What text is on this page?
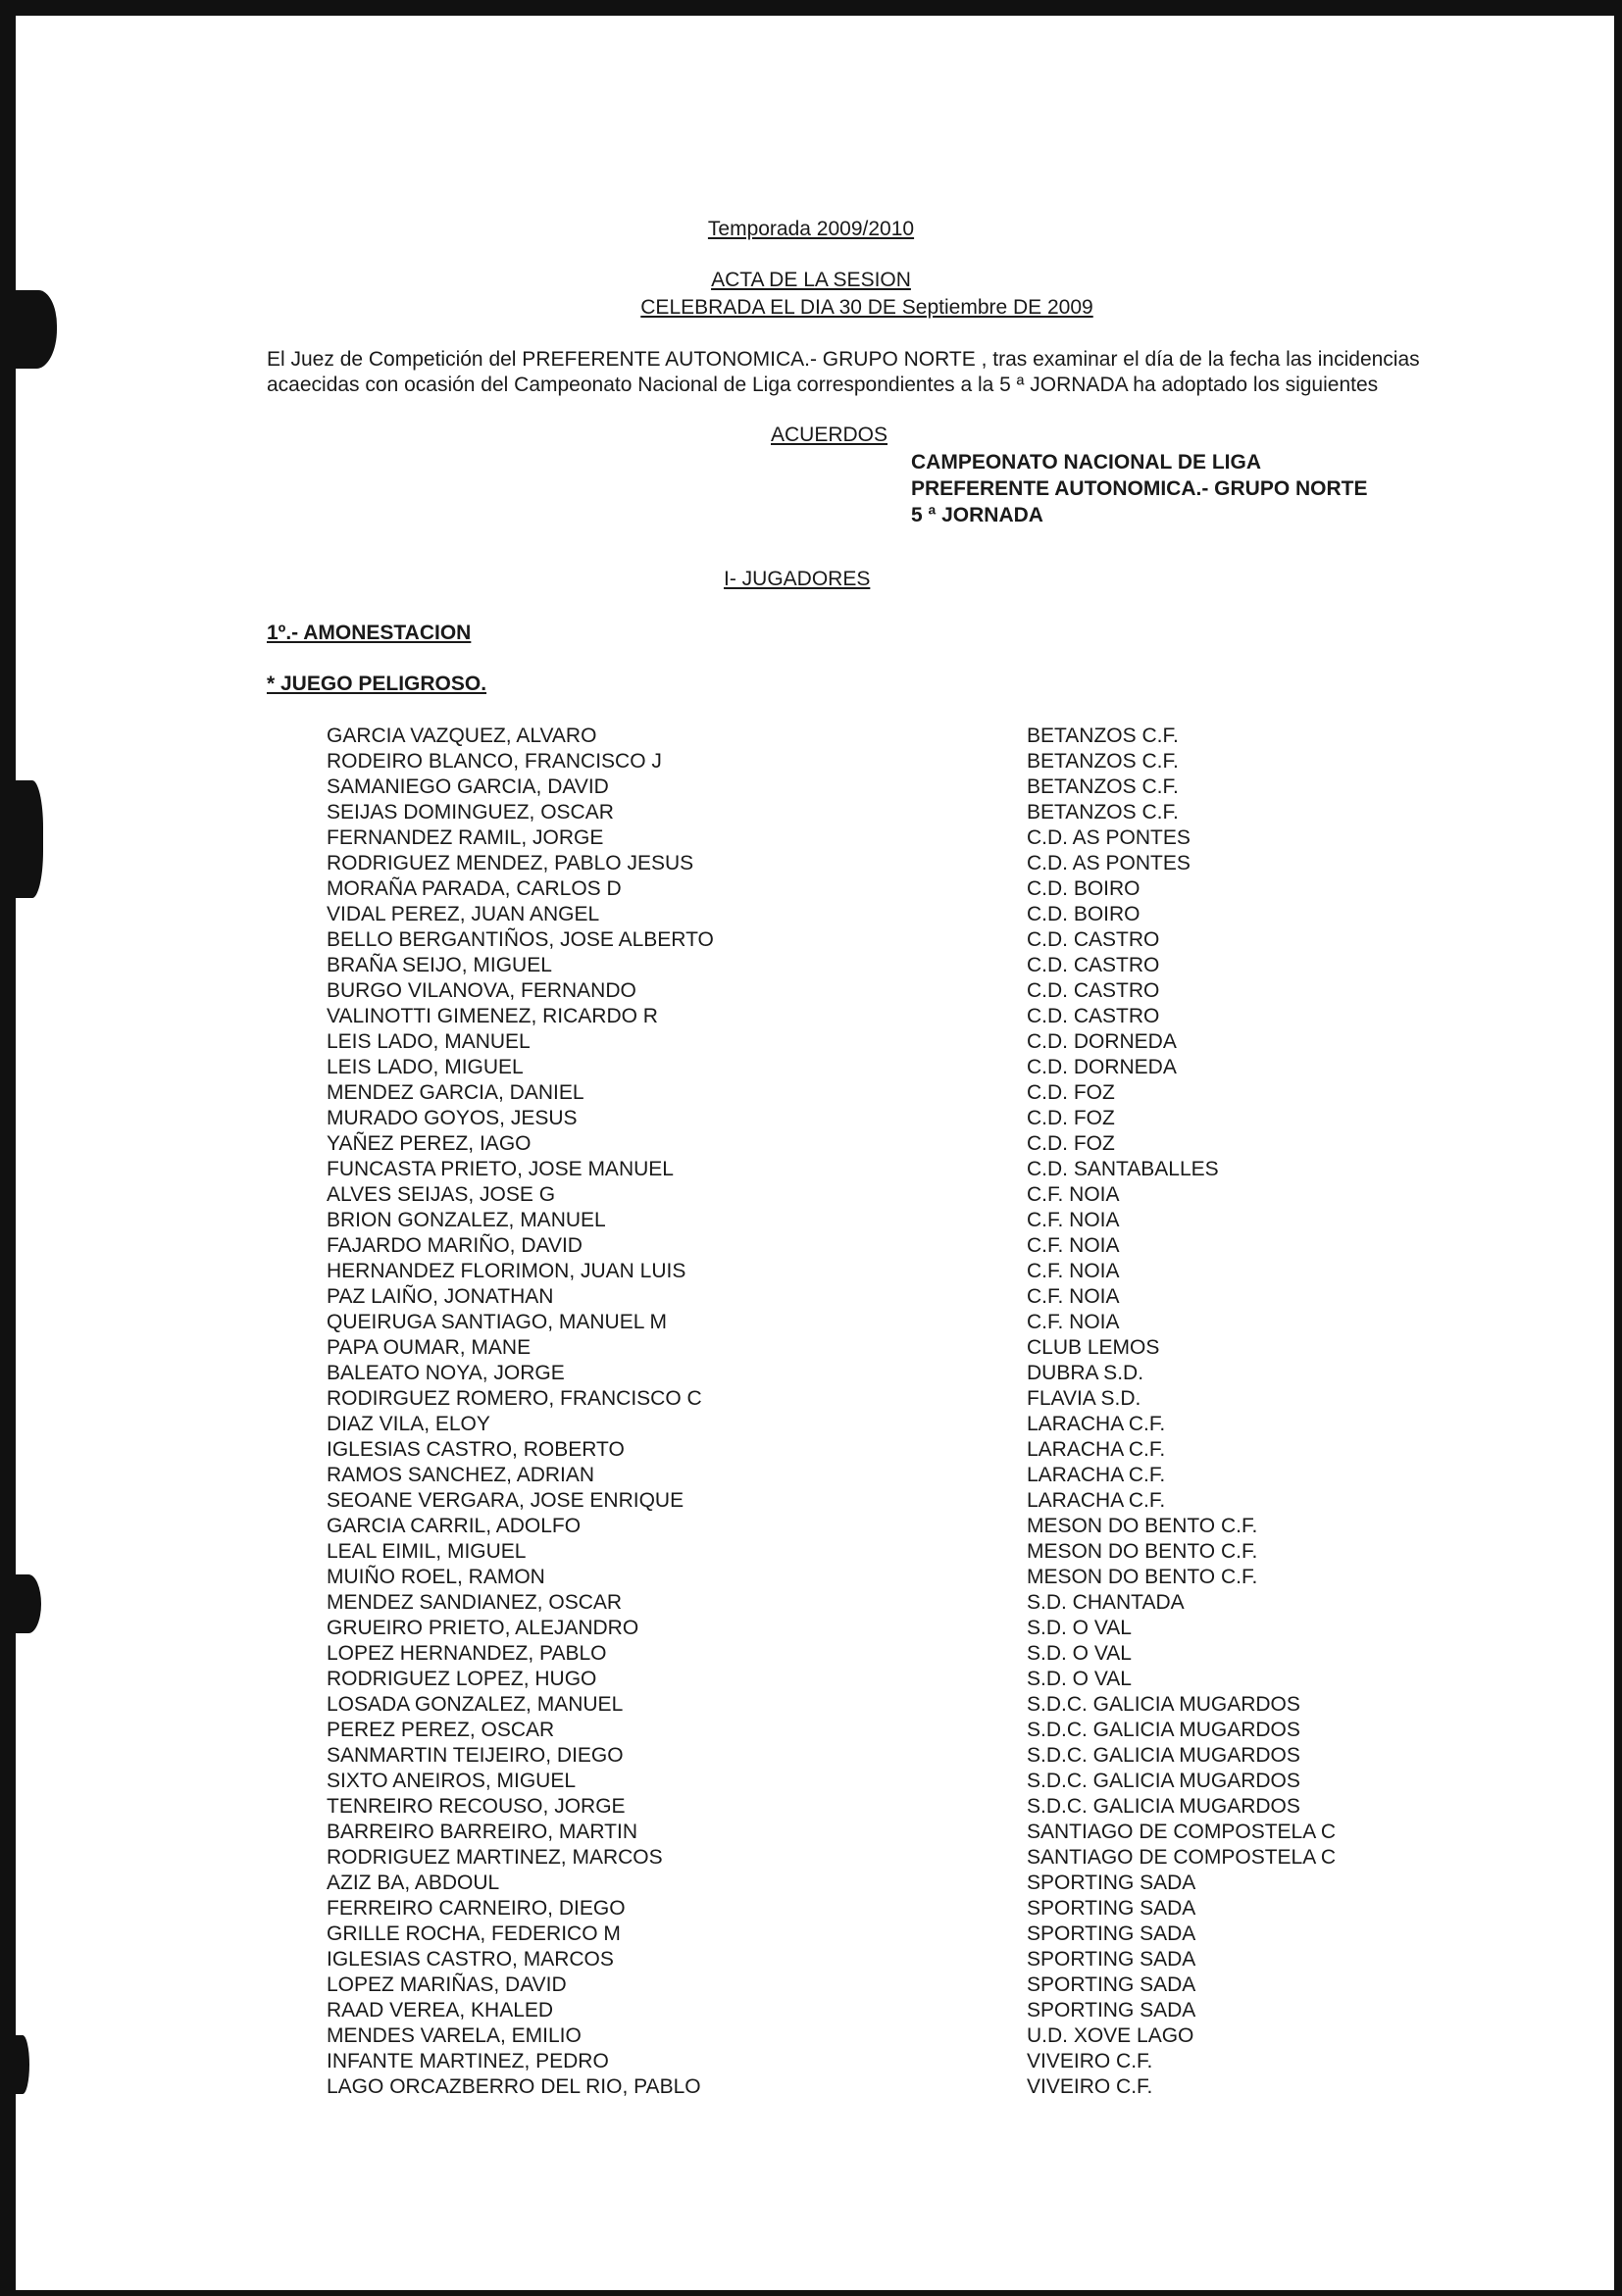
Temporada 2009/2010
ACTA DE LA SESION
CELEBRADA EL DIA 30 DE Septiembre DE 2009
El Juez de Competición del PREFERENTE AUTONOMICA.- GRUPO NORTE , tras examinar el día de la fecha las incidencias
acaecidas con ocasión del Campeonato Nacional de Liga correspondientes a la 5 ª JORNADA ha adoptado los siguientes
ACUERDOS
CAMPEONATO NACIONAL DE LIGA
PREFERENTE AUTONOMICA.- GRUPO NORTE
5 ª JORNADA
I- JUGADORES
1º.- AMONESTACION
* JUEGO PELIGROSO.
GARCIA VAZQUEZ, ALVARO	BETANZOS C.F.
RODEIRO BLANCO, FRANCISCO J	BETANZOS C.F.
SAMANIEGO GARCIA, DAVID	BETANZOS C.F.
SEIJAS DOMINGUEZ, OSCAR	BETANZOS C.F.
FERNANDEZ RAMIL, JORGE	C.D. AS PONTES
RODRIGUEZ MENDEZ, PABLO JESUS	C.D. AS PONTES
MORAÑA PARADA, CARLOS D	C.D. BOIRO
VIDAL PEREZ, JUAN ANGEL	C.D. BOIRO
BELLO BERGANTIÑOS, JOSE ALBERTO	C.D. CASTRO
BRAÑA SEIJO, MIGUEL	C.D. CASTRO
BURGO VILANOVA, FERNANDO	C.D. CASTRO
VALINOTTI GIMENEZ, RICARDO R	C.D. CASTRO
LEIS LADO, MANUEL	C.D. DORNEDA
LEIS LADO, MIGUEL	C.D. DORNEDA
MENDEZ GARCIA, DANIEL	C.D. FOZ
MURADO GOYOS, JESUS	C.D. FOZ
YAÑEZ PEREZ, IAGO	C.D. FOZ
FUNCASTA PRIETO, JOSE MANUEL	C.D. SANTABALLES
ALVES SEIJAS, JOSE G	C.F. NOIA
BRION GONZALEZ, MANUEL	C.F. NOIA
FAJARDO MARIÑO, DAVID	C.F. NOIA
HERNANDEZ FLORIMON, JUAN LUIS	C.F. NOIA
PAZ LAIÑO, JONATHAN	C.F. NOIA
QUEIRUGA SANTIAGO, MANUEL M	C.F. NOIA
PAPA OUMAR, MANE	CLUB LEMOS
BALEATO NOYA, JORGE	DUBRA S.D.
RODIRGUEZ ROMERO, FRANCISCO C	FLAVIA S.D.
DIAZ VILA, ELOY	LARACHA C.F.
IGLESIAS CASTRO, ROBERTO	LARACHA C.F.
RAMOS SANCHEZ, ADRIAN	LARACHA C.F.
SEOANE VERGARA, JOSE ENRIQUE	LARACHA C.F.
GARCIA CARRIL, ADOLFO	MESON DO BENTO C.F.
LEAL EIMIL, MIGUEL	MESON DO BENTO C.F.
MUIÑO ROEL, RAMON	MESON DO BENTO C.F.
MENDEZ SANDIANEZ, OSCAR	S.D. CHANTADA
GRUEIRO PRIETO, ALEJANDRO	S.D. O VAL
LOPEZ HERNANDEZ, PABLO	S.D. O VAL
RODRIGUEZ LOPEZ, HUGO	S.D. O VAL
LOSADA GONZALEZ, MANUEL	S.D.C. GALICIA MUGARDOS
PEREZ PEREZ, OSCAR	S.D.C. GALICIA MUGARDOS
SANMARTIN TEIJEIRO, DIEGO	S.D.C. GALICIA MUGARDOS
SIXTO ANEIROS, MIGUEL	S.D.C. GALICIA MUGARDOS
TENREIRO RECOUSO, JORGE	S.D.C. GALICIA MUGARDOS
BARREIRO BARREIRO, MARTIN	SANTIAGO DE COMPOSTELA C
RODRIGUEZ MARTINEZ, MARCOS	SANTIAGO DE COMPOSTELA C
AZIZ BA, ABDOUL	SPORTING SADA
FERREIRO CARNEIRO, DIEGO	SPORTING SADA
GRILLE ROCHA, FEDERICO M	SPORTING SADA
IGLESIAS CASTRO, MARCOS	SPORTING SADA
LOPEZ MARIÑAS, DAVID	SPORTING SADA
RAAD VEREA, KHALED	SPORTING SADA
MENDES VARELA, EMILIO	U.D. XOVE LAGO
INFANTE MARTINEZ, PEDRO	VIVEIRO C.F.
LAGO ORCAZBERRO DEL RIO, PABLO	VIVEIRO C.F.
